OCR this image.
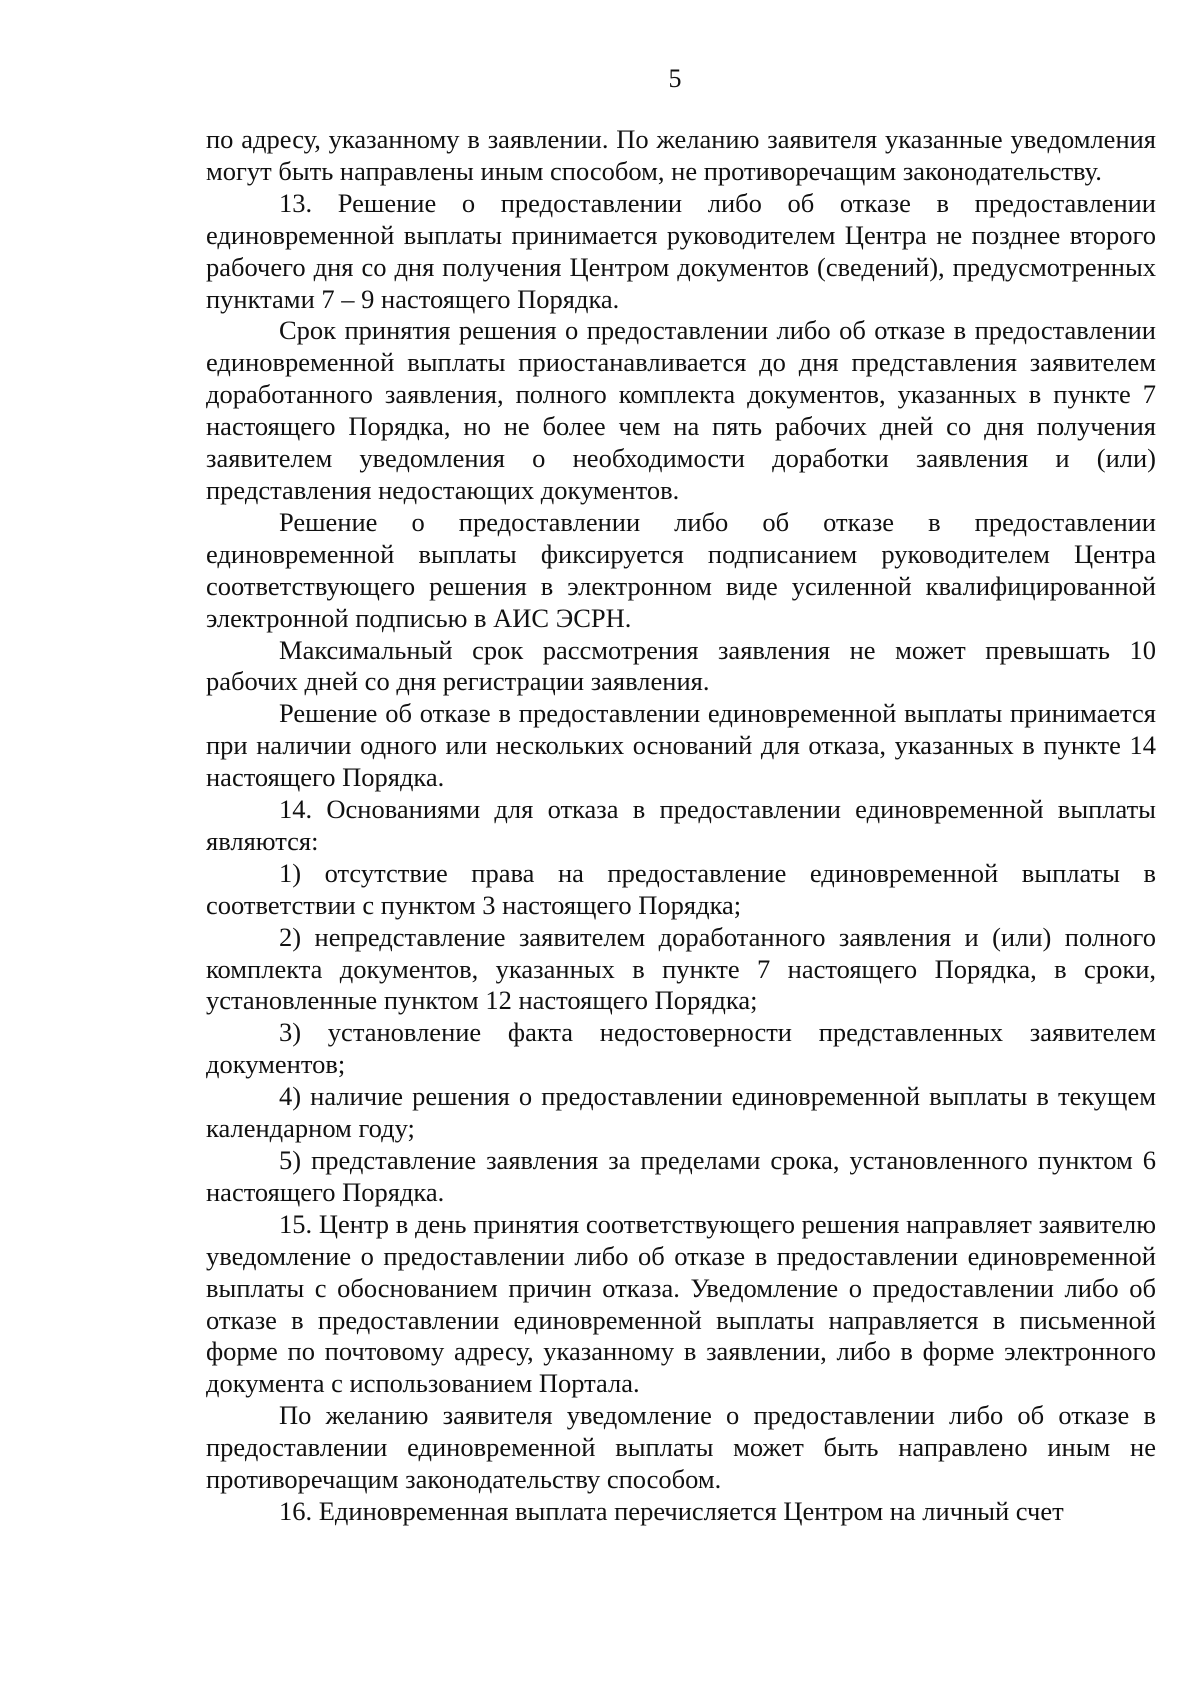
5

по адресу, указанному в заявлении. По желанию заявителя указанные уведомления могут быть направлены иным способом, не противоречащим законодательству.

13. Решение о предоставлении либо об отказе в предоставлении единовременной выплаты принимается руководителем Центра не позднее второго рабочего дня со дня получения Центром документов (сведений), предусмотренных пунктами 7 – 9 настоящего Порядка.

Срок принятия решения о предоставлении либо об отказе в предоставлении единовременной выплаты приостанавливается до дня представления заявителем доработанного заявления, полного комплекта документов, указанных в пункте 7 настоящего Порядка, но не более чем на пять рабочих дней со дня получения заявителем уведомления о необходимости доработки заявления и (или) представления недостающих документов.

Решение о предоставлении либо об отказе в предоставлении единовременной выплаты фиксируется подписанием руководителем Центра соответствующего решения в электронном виде усиленной квалифицированной электронной подписью в АИС ЭСРН.

Максимальный срок рассмотрения заявления не может превышать 10 рабочих дней со дня регистрации заявления.

Решение об отказе в предоставлении единовременной выплаты принимается при наличии одного или нескольких оснований для отказа, указанных в пункте 14 настоящего Порядка.

14. Основаниями для отказа в предоставлении единовременной выплаты являются:

1) отсутствие права на предоставление единовременной выплаты в соответствии с пунктом 3 настоящего Порядка;

2) непредставление заявителем доработанного заявления и (или) полного комплекта документов, указанных в пункте 7 настоящего Порядка, в сроки, установленные пунктом 12 настоящего Порядка;

3) установление факта недостоверности представленных заявителем документов;

4) наличие решения о предоставлении единовременной выплаты в текущем календарном году;

5) представление заявления за пределами срока, установленного пунктом 6 настоящего Порядка.

15. Центр в день принятия соответствующего решения направляет заявителю уведомление о предоставлении либо об отказе в предоставлении единовременной выплаты с обоснованием причин отказа. Уведомление о предоставлении либо об отказе в предоставлении единовременной выплаты направляется в письменной форме по почтовому адресу, указанному в заявлении, либо в форме электронного документа с использованием Портала.

По желанию заявителя уведомление о предоставлении либо об отказе в предоставлении единовременной выплаты может быть направлено иным не противоречащим законодательству способом.

16. Единовременная выплата перечисляется Центром на личный счет
